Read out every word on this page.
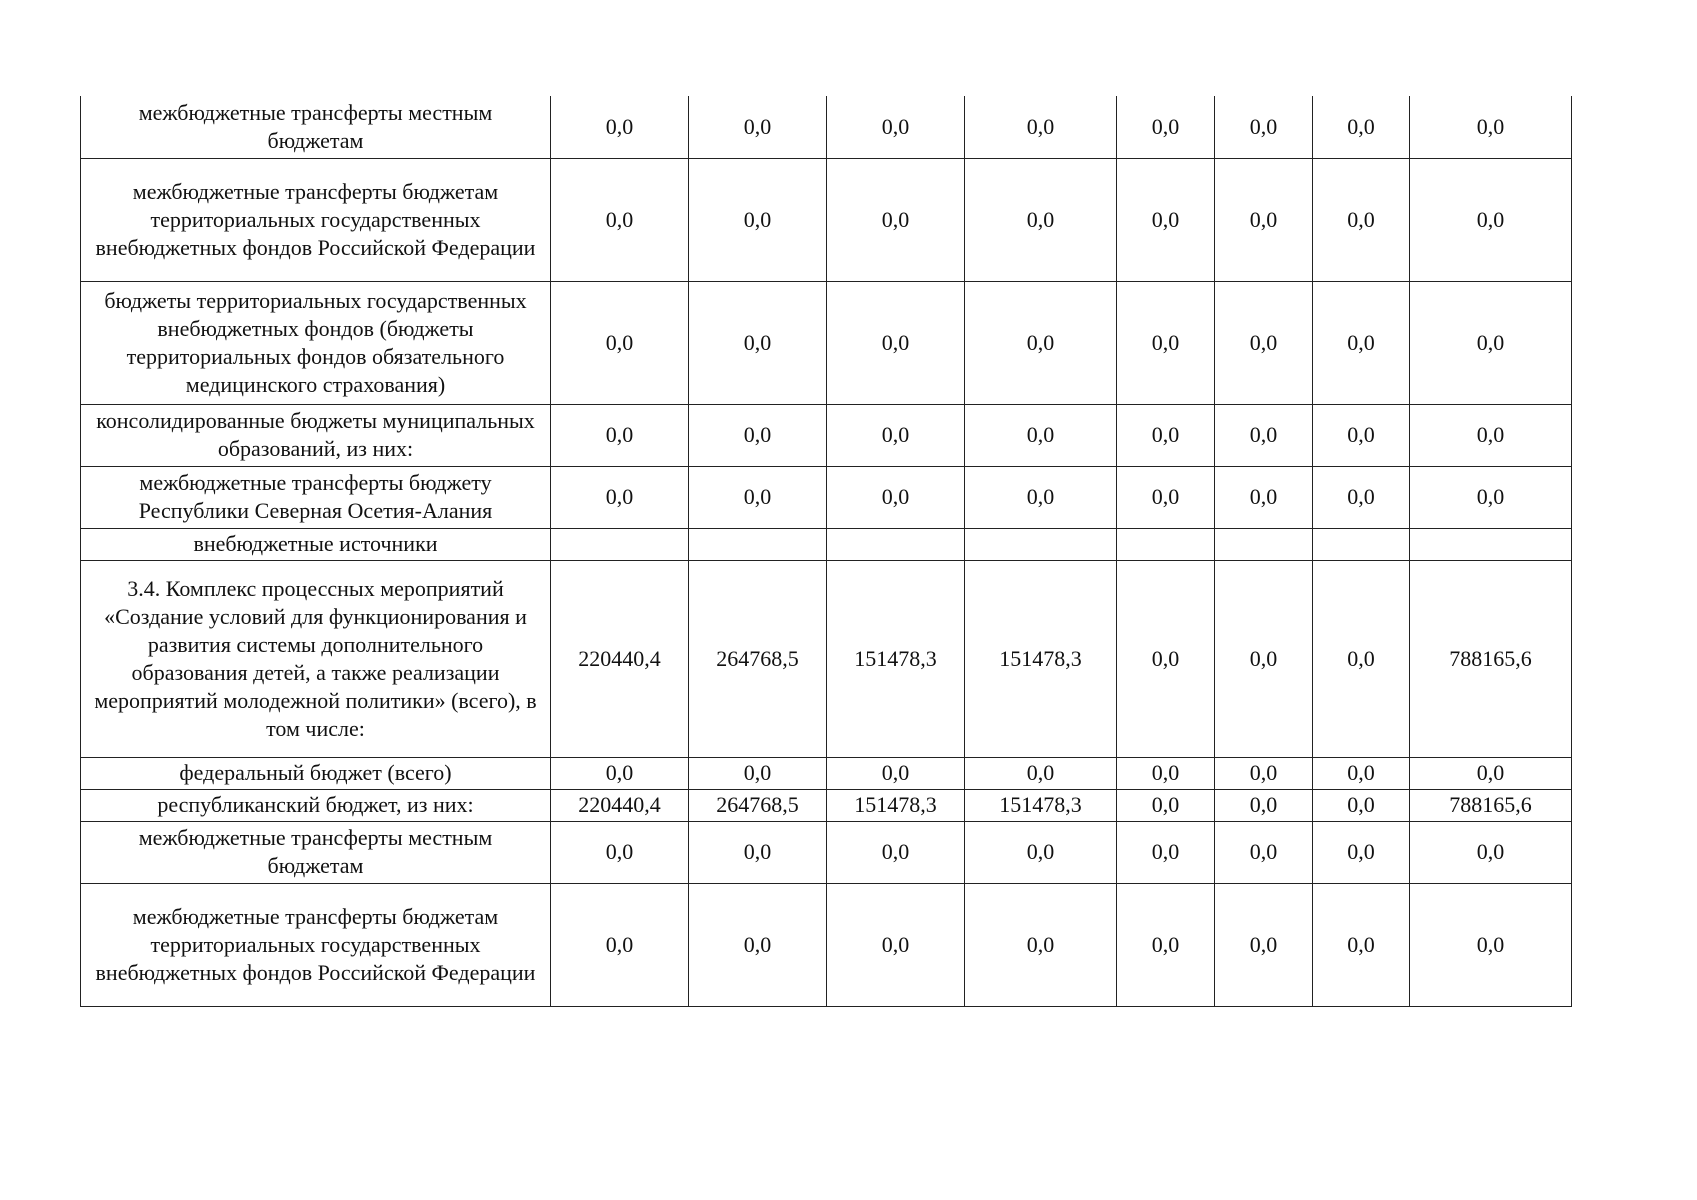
межбюджетные трансферты местным бюджетам	0,0	0,0	0,0	0,0	0,0	0,0	0,0	0,0
межбюджетные трансферты бюджетам территориальных государственных внебюджетных фондов Российской Федерации	0,0	0,0	0,0	0,0	0,0	0,0	0,0	0,0
бюджеты территориальных государственных внебюджетных фондов (бюджеты территориальных фондов обязательного медицинского страхования)	0,0	0,0	0,0	0,0	0,0	0,0	0,0	0,0
консолидированные бюджеты муниципальных образований, из них:	0,0	0,0	0,0	0,0	0,0	0,0	0,0	0,0
межбюджетные трансферты бюджету Республики Северная Осетия-Алания	0,0	0,0	0,0	0,0	0,0	0,0	0,0	0,0
внебюджетные источники								
3.4. Комплекс процессных мероприятий «Создание условий для функционирования и развития системы дополнительного образования детей, а также реализации мероприятий молодежной политики» (всего), в том числе:	220440,4	264768,5	151478,3	151478,3	0,0	0,0	0,0	788165,6
федеральный бюджет (всего)	0,0	0,0	0,0	0,0	0,0	0,0	0,0	0,0
республиканский бюджет, из них:	220440,4	264768,5	151478,3	151478,3	0,0	0,0	0,0	788165,6
межбюджетные трансферты местным бюджетам	0,0	0,0	0,0	0,0	0,0	0,0	0,0	0,0
межбюджетные трансферты бюджетам территориальных государственных внебюджетных фондов Российской Федерации	0,0	0,0	0,0	0,0	0,0	0,0	0,0	0,0
